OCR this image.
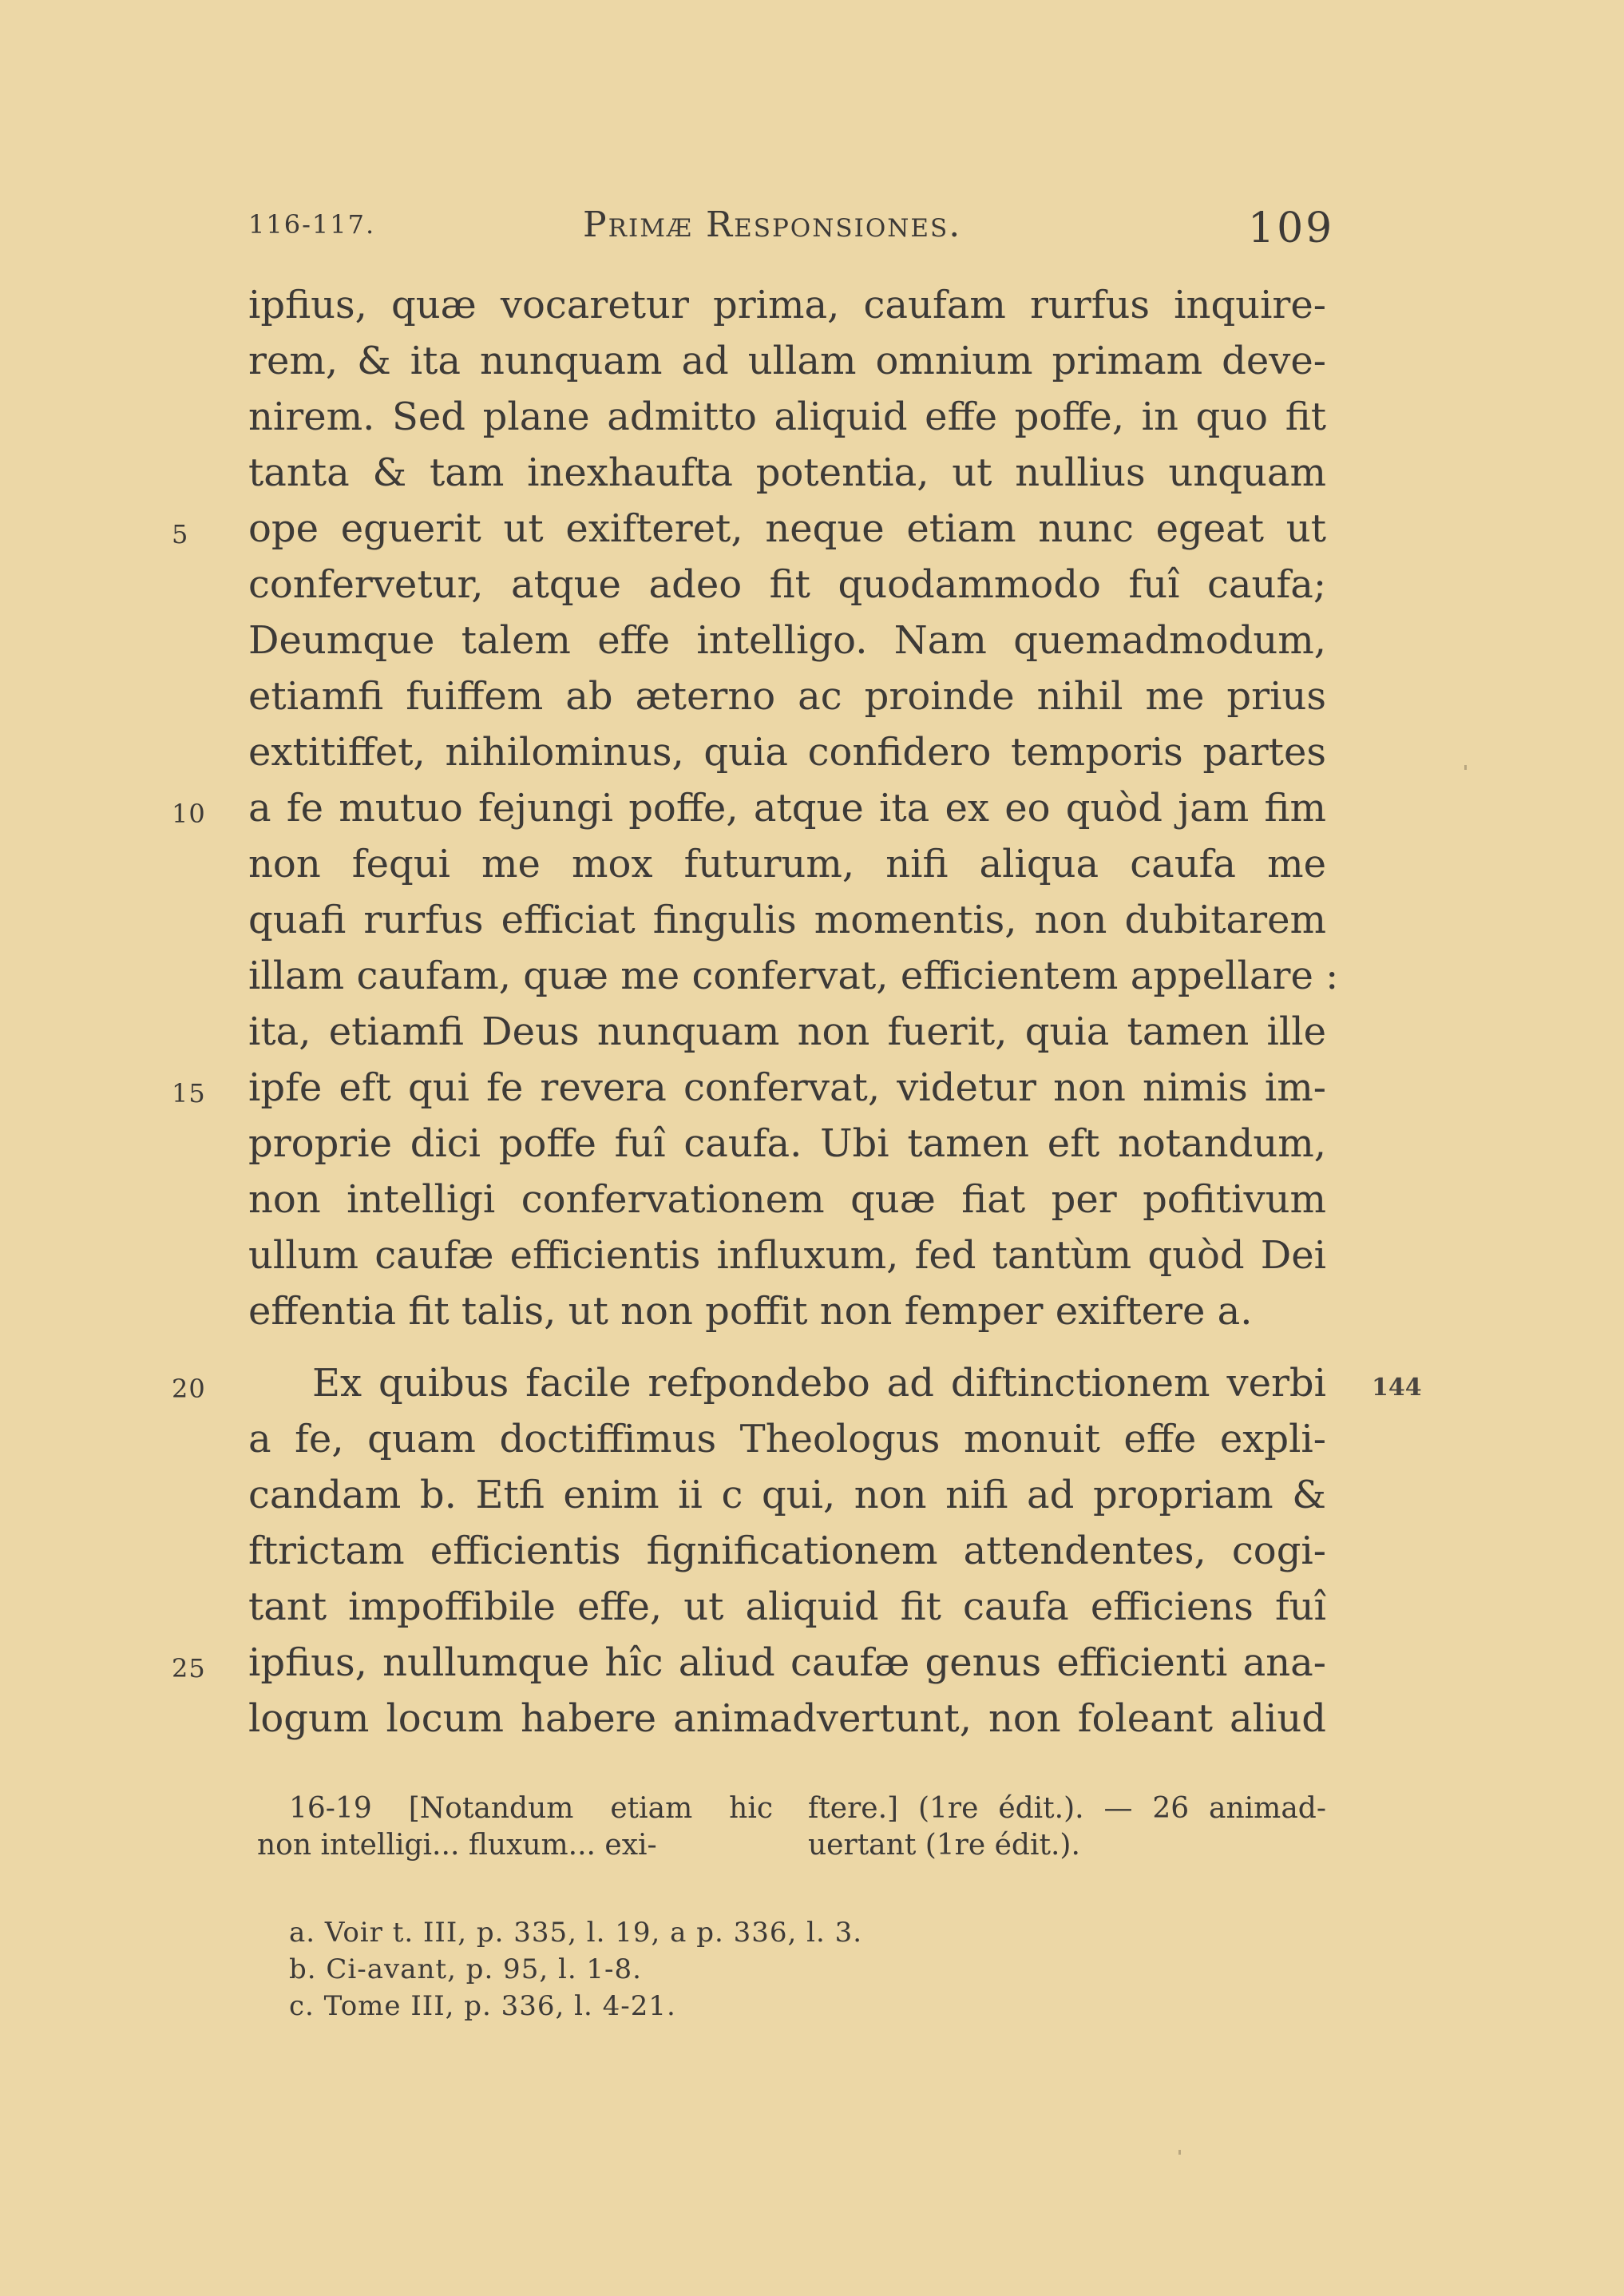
116-117.	Primæ Responsiones.	109
ipfius, quæ vocaretur prima, caufam rurfus inquire-
rem, & ita nunquam ad ullam omnium primam deve-
nirem. Sed plane admitto aliquid effe poffe, in quo fit
tanta & tam inexhaufta potentia, ut nullius unquam
ope eguerit ut exifteret, neque etiam nunc egeat ut
confervetur, atque adeo fit quodammodo fuî caufa;
Deumque talem effe intelligo. Nam quemadmodum,
etiamfi fuiffem ab æterno ac proinde nihil me prius
extitiffet, nihilominus, quia confidero temporis partes
a fe mutuo fejungi poffe, atque ita ex eo quòd jam fim
non fequi me mox futurum, nifi aliqua caufa me
quafi rurfus efficiat fingulis momentis, non dubitarem
illam caufam, quæ me confervat, efficientem appellare :
ita, etiamfi Deus nunquam non fuerit, quia tamen ille
ipfe eft qui fe revera confervat, videtur non nimis im-
proprie dici poffe fuî caufa. Ubi tamen eft notandum,
non intelligi confervationem quæ fiat per pofitivum
ullum caufæ efficientis influxum, fed tantùm quòd Dei
effentia fit talis, ut non poffit non femper exiftere a.
Ex quibus facile refpondebo ad diftinctionem verbi
a fe, quam doctiffimus Theologus monuit effe expli-
candam b. Etfi enim ii c qui, non nifi ad propriam &
ftrictam efficientis fignificationem attendentes, cogi-
tant impoffibile effe, ut aliquid fit caufa efficiens fuî
ipfius, nullumque hîc aliud caufæ genus efficienti ana-
logum locum habere animadvertunt, non foleant aliud
5
10
15
20
25
144
16-19 [Notandum etiam hic
non intelligi... fluxum... exi-
ftere.] (1re édit.). — 26 animad-
uertant (1re édit.).
a. Voir t. III, p. 335, l. 19, a p. 336, l. 3.
b. Ci-avant, p. 95, l. 1-8.
c. Tome III, p. 336, l. 4-21.
